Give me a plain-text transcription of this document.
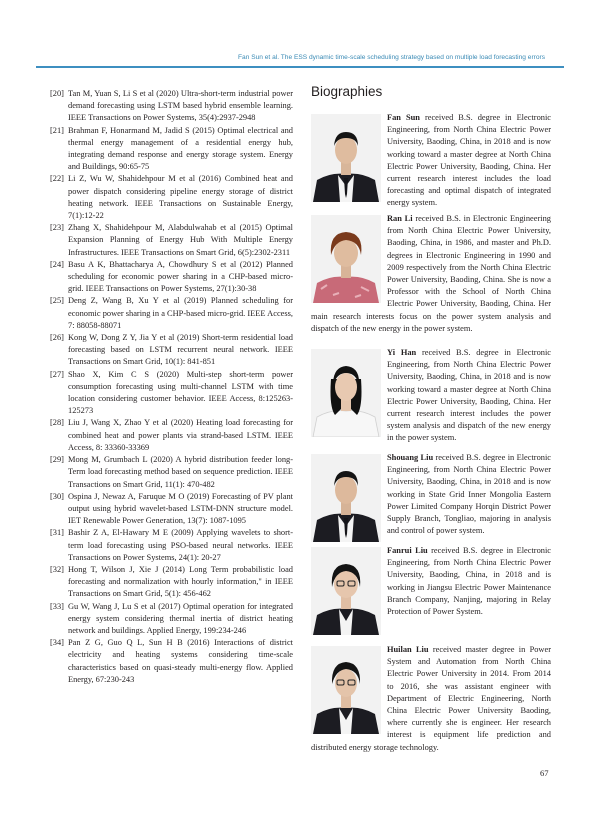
Fan Sun et al. The ESS dynamic time-scale scheduling strategy based on multiple load forecasting errors
[20] Tan M, Yuan S, Li S et al (2020) Ultra-short-term industrial power demand forecasting using LSTM based hybrid ensemble learning. IEEE Transactions on Power Systems, 35(4):2937-2948
[21] Brahman F, Honarmand M, Jadid S (2015) Optimal electrical and thermal energy management of a residential energy hub, integrating demand response and energy storage system. Energy and Buildings, 90:65-75
[22] Li Z, Wu W, Shahidehpour M et al (2016) Combined heat and power dispatch considering pipeline energy storage of district heating network. IEEE Transactions on Sustainable Energy, 7(1):12-22
[23] Zhang X, Shahidehpour M, Alabdulwahab et al (2015) Optimal Expansion Planning of Energy Hub With Multiple Energy Infrastructures. IEEE Transactions on Smart Grid, 6(5):2302-2311
[24] Basu A K, Bhattacharya A, Chowdhury S et al (2012) Planned scheduling for economic power sharing in a CHP-based micro-grid. IEEE Transactions on Power Systems, 27(1):30-38
[25] Deng Z, Wang B, Xu Y et al (2019) Planned scheduling for economic power sharing in a CHP-based micro-grid. IEEE Access, 7: 88058-88071
[26] Kong W, Dong Z Y, Jia Y et al (2019) Short-term residential load forecasting based on LSTM recurrent neural network. IEEE Transactions on Smart Grid, 10(1): 841-851
[27] Shao X, Kim C S (2020) Multi-step short-term power consumption forecasting using multi-channel LSTM with time location considering customer behavior. IEEE Access, 8:125263-125273
[28] Liu J, Wang X, Zhao Y et al (2020) Heating load forecasting for combined heat and power plants via strand-based LSTM. IEEE Access, 8: 33360-33369
[29] Mong M, Grumbach L (2020) A hybrid distribution feeder long-Term load forecasting method based on sequence prediction. IEEE Transactions on Smart Grid, 11(1): 470-482
[30] Ospina J, Newaz A, Faruque M O (2019) Forecasting of PV plant output using hybrid wavelet-based LSTM-DNN structure model. IET Renewable Power Generation, 13(7): 1087-1095
[31] Bashir Z A, El-Hawary M E (2009) Applying wavelets to short-term load forecasting using PSO-based neural networks. IEEE Transactions on Power Systems, 24(1): 20-27
[32] Hong T, Wilson J, Xie J (2014) Long Term probabilistic load forecasting and normalization with hourly information," in IEEE Transactions on Smart Grid, 5(1): 456-462
[33] Gu W, Wang J, Lu S et al (2017) Optimal operation for integrated energy system considering thermal inertia of district heating network and buildings. Applied Energy, 199:234-246
[34] Pan Z G, Guo Q L, Sun H B (2016) Interactions of district electricity and heating systems considering time-scale characteristics based on quasi-steady multi-energy flow. Applied Energy, 67:230-243
Biographies
Fan Sun received B.S. degree in Electronic Engineering, from North China Electric Power University, Baoding, China, in 2018 and is now working toward a master degree at North China Electric Power University, Baoding, China. Her current research interest includes the load forecasting and optimal dispatch of integrated energy system.
Ran Li received B.S. in Electronic Engineering from North China Electric Power University, Baoding, China, in 1986, and master and Ph.D. degrees in Electronic Engineering in 1990 and 2009 respectively from the North China Electric Power University, Baoding, China. She is now a Professor with the School of North China Electric Power University, Baoding, China. Her main research interests focus on the power system analysis and dispatch of the new energy in the power system.
Yi Han received B.S. degree in Electronic Engineering, from North China Electric Power University, Baoding, China, in 2018 and is now working toward a master degree at North China Electric Power University, Baoding, China. Her current research interest includes the power system analysis and dispatch of the new energy in the power system.
Shouang Liu received B.S. degree in Electronic Engineering, from North China Electric Power University, Baoding, China, in 2018 and is now working in State Grid Inner Mongolia Eastern Power Limited Company Horqin District Power Supply Branch, Tongliao, majoring in analysis and control of power system.
Fanrui Liu received B.S. degree in Electronic Engineering, from North China Electric Power University, Baoding, China, in 2018 and is working in Jiangsu Electric Power Maintenance Branch Company, Nanjing, majoring in Relay Protection of Power System.
Huilan Liu received master degree in Power System and Automation from North China Electric Power University in 2014. From 2014 to 2016, she was assistant engineer with Department of Electric Engineering, North China Electric Power University Baoding, where currently she is engineer. Her research interest is equipment life prediction and distributed energy storage technology.
67
